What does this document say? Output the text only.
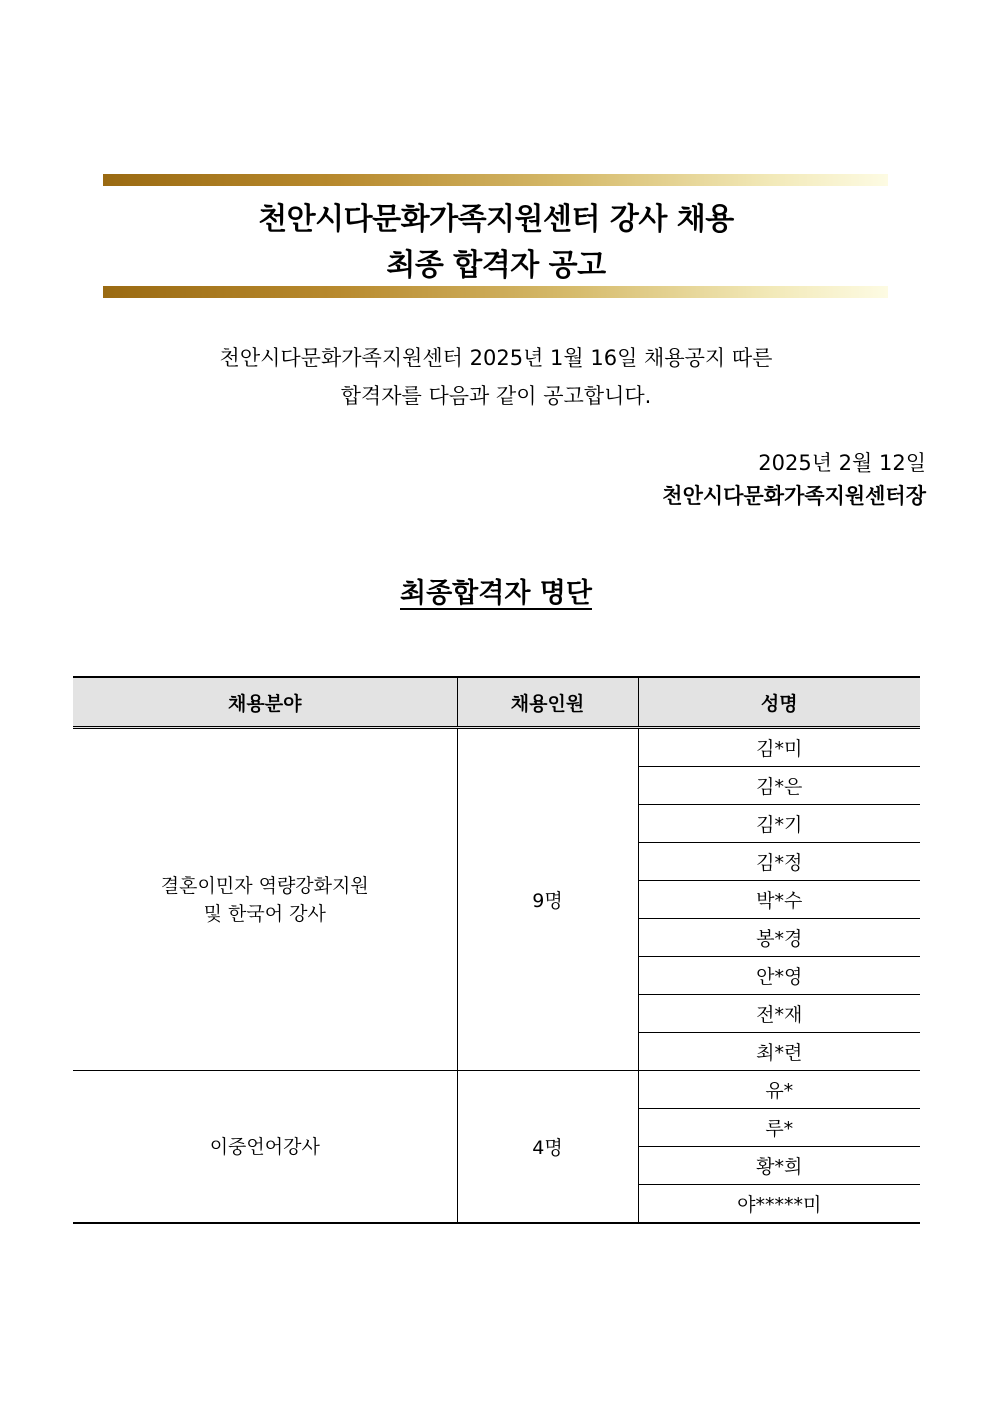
천안시다문화가족지원센터 강사 채용
최종 합격자 공고
천안시다문화가족지원센터 2025년 1월 16일 채용공지 따른
합격자를 다음과 같이 공고합니다.
2025년 2월 12일
천안시다문화가족지원센터장
최종합격자 명단
채용분야	채용인원	성명

결혼이민자 역량강화지원
및 한국어 강사	9명	김*미
		김*은
		김*기
		김*정
		박*수
		봉*경
		안*영
		전*재
		최*련

이중언어강사	4명	유*
		루*
		황*희
		야*****미
